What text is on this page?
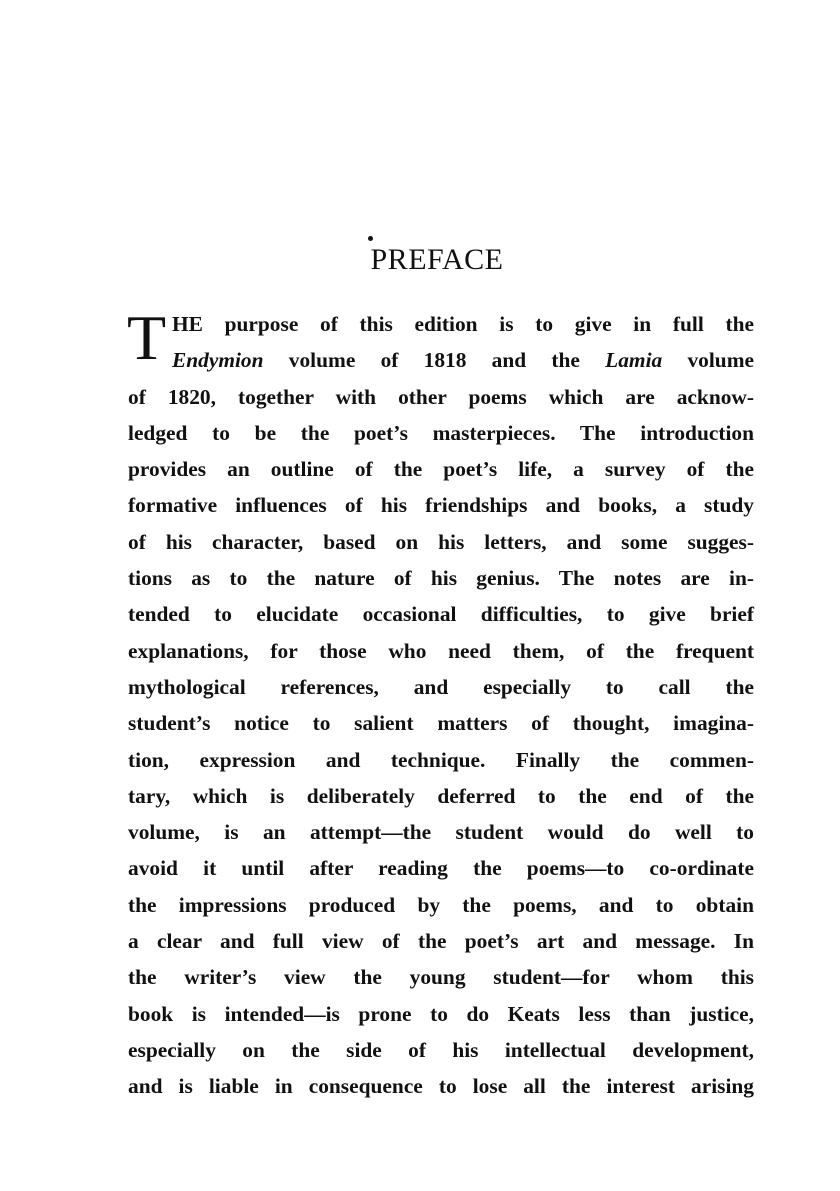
PREFACE
T HE purpose of this edition is to give in full the
Endymion volume of 1818 and the Lamia volume
of 1820, together with other poems which are acknow-
ledged to be the poet’s masterpieces. The introduction
provides an outline of the poet’s life, a survey of the
formative influences of his friendships and books, a study
of his character, based on his letters, and some sugges-
tions as to the nature of his genius. The notes are in-
tended to elucidate occasional difficulties, to give brief
explanations, for those who need them, of the frequent
mythological references, and especially to call the
student’s notice to salient matters of thought, imagina-
tion, expression and technique. Finally the commen-
tary, which is deliberately deferred to the end of the
volume, is an attempt—the student would do well to
avoid it until after reading the poems—to co-ordinate
the impressions produced by the poems, and to obtain
a clear and full view of the poet’s art and message. In
the writer’s view the young student—for whom this
book is intended—is prone to do Keats less than justice,
especially on the side of his intellectual development,
and is liable in consequence to lose all the interest arising
